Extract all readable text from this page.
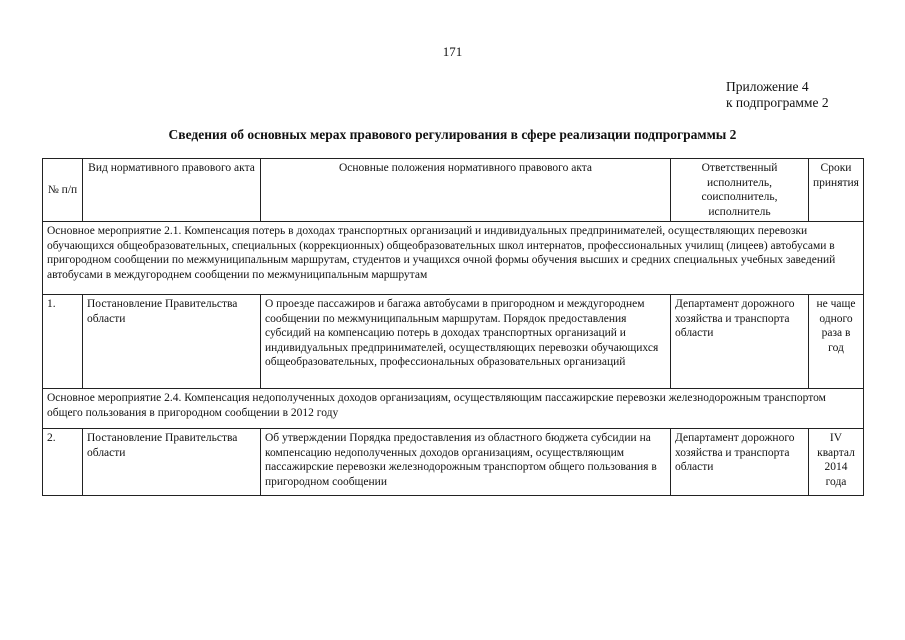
171
Приложение 4
к подпрограмме 2
Сведения об основных мерах правового регулирования в сфере реализации подпрограммы 2
№ п/п	Вид нормативного правового акта	Основные положения нормативного правового акта	Ответственный исполнитель, соисполнитель, исполнитель	Сроки принятия
Основное мероприятие 2.1. Компенсация потерь в доходах транспортных организаций и индивидуальных предпринимателей, осуществляющих перевозки обучающихся общеобразовательных, специальных (коррекционных) общеобразовательных школ интернатов, профессиональных училищ (лицеев) автобусами в пригородном сообщении по межмуниципальным маршрутам, студентов и учащихся очной формы обучения высших и средних специальных учебных заведений автобусами в междугороднем сообщении по межмуниципальным маршрутам				
1.	Постановление Правительства области	О проезде пассажиров и багажа автобусами в пригородном и междугороднем сообщении по межмуниципальным маршрутам. Порядок предоставления субсидий на компенсацию потерь в доходах транспортных организаций и индивидуальных предпринимателей, осуществляющих перевозки обучающихся общеобразовательных, профессиональных образовательных организаций	Департамент дорожного хозяйства и транспорта области	не чаще одного раза в год
Основное мероприятие 2.4. Компенсация недополученных доходов организациям, осуществляющим пассажирские перевозки железнодорожным транспортом общего пользования в пригородном сообщении в 2012 году				
2.	Постановление Правительства области	Об утверждении Порядка предоставления из областного бюджета субсидии на компенсацию недополученных доходов организациям, осуществляющим пассажирские перевозки железнодорожным транспортом общего пользования в пригородном сообщении	Департамент дорожного хозяйства и транспорта области	IV квартал 2014 года
